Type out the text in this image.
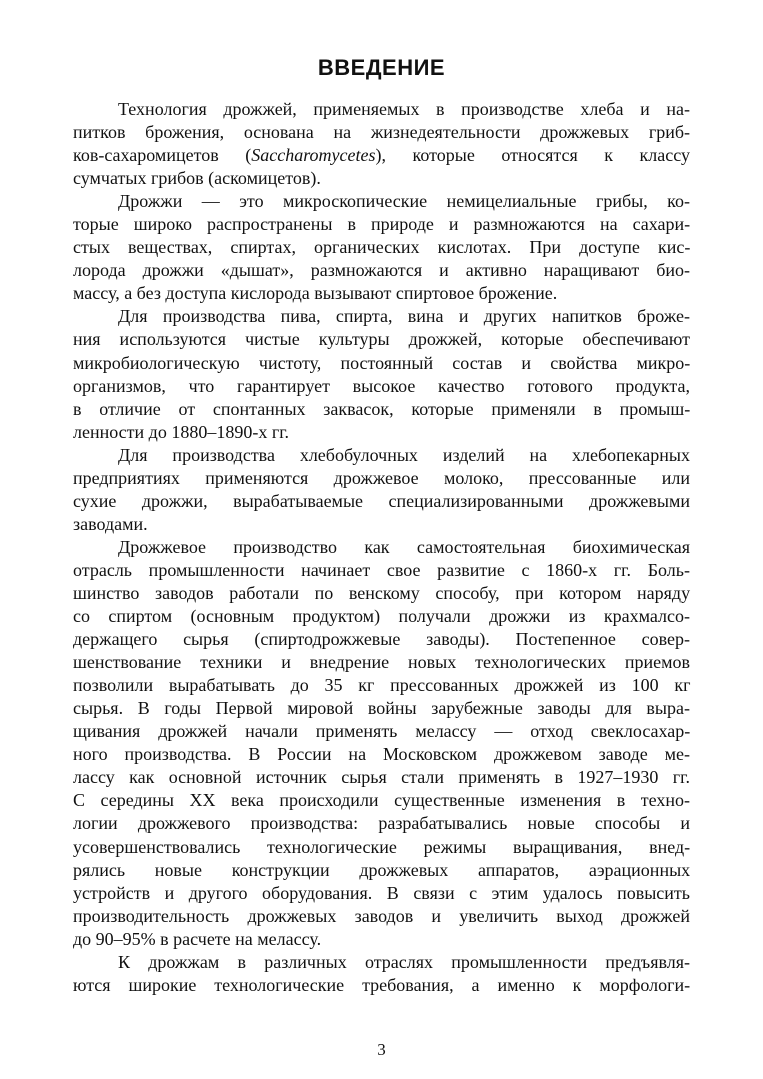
ВВЕДЕНИЕ
Технология дрожжей, применяемых в производстве хлеба и на-
питков брожения, основана на жизнедеятельности дрожжевых гриб-
ков-сахаромицетов (Saccharomycetes), которые относятся к классу
сумчатых грибов (аскомицетов).
Дрожжи — это микроскопические немицелиальные грибы, ко-
торые широко распространены в природе и размножаются на сахари-
стых веществах, спиртах, органических кислотах. При доступе кис-
лорода дрожжи «дышат», размножаются и активно наращивают био-
массу, а без доступа кислорода вызывают спиртовое брожение.
Для производства пива, спирта, вина и других напитков броже-
ния используются чистые культуры дрожжей, которые обеспечивают
микробиологическую чистоту, постоянный состав и свойства микро-
организмов, что гарантирует высокое качество готового продукта,
в отличие от спонтанных заквасок, которые применяли в промыш-
ленности до 1880–1890-х гг.
Для производства хлебобулочных изделий на хлебопекарных
предприятиях применяются дрожжевое молоко, прессованные или
сухие дрожжи, вырабатываемые специализированными дрожжевыми
заводами.
Дрожжевое производство как самостоятельная биохимическая
отрасль промышленности начинает свое развитие с 1860-х гг. Боль-
шинство заводов работали по венскому способу, при котором наряду
со спиртом (основным продуктом) получали дрожжи из крахмалсо-
держащего сырья (спиртодрожжевые заводы). Постепенное совер-
шенствование техники и внедрение новых технологических приемов
позволили вырабатывать до 35 кг прессованных дрожжей из 100 кг
сырья. В годы Первой мировой войны зарубежные заводы для выра-
щивания дрожжей начали применять мелассу — отход свеклосахар-
ного производства. В России на Московском дрожжевом заводе ме-
лассу как основной источник сырья стали применять в 1927–1930 гг.
С середины XX века происходили существенные изменения в техно-
логии дрожжевого производства: разрабатывались новые способы и
усовершенствовались технологические режимы выращивания, внед-
рялись новые конструкции дрожжевых аппаратов, аэрационных
устройств и другого оборудования. В связи с этим удалось повысить
производительность дрожжевых заводов и увеличить выход дрожжей
до 90–95% в расчете на мелассу.
К дрожжам в различных отраслях промышленности предъявля-
ются широкие технологические требования, а именно к морфологи-
3
